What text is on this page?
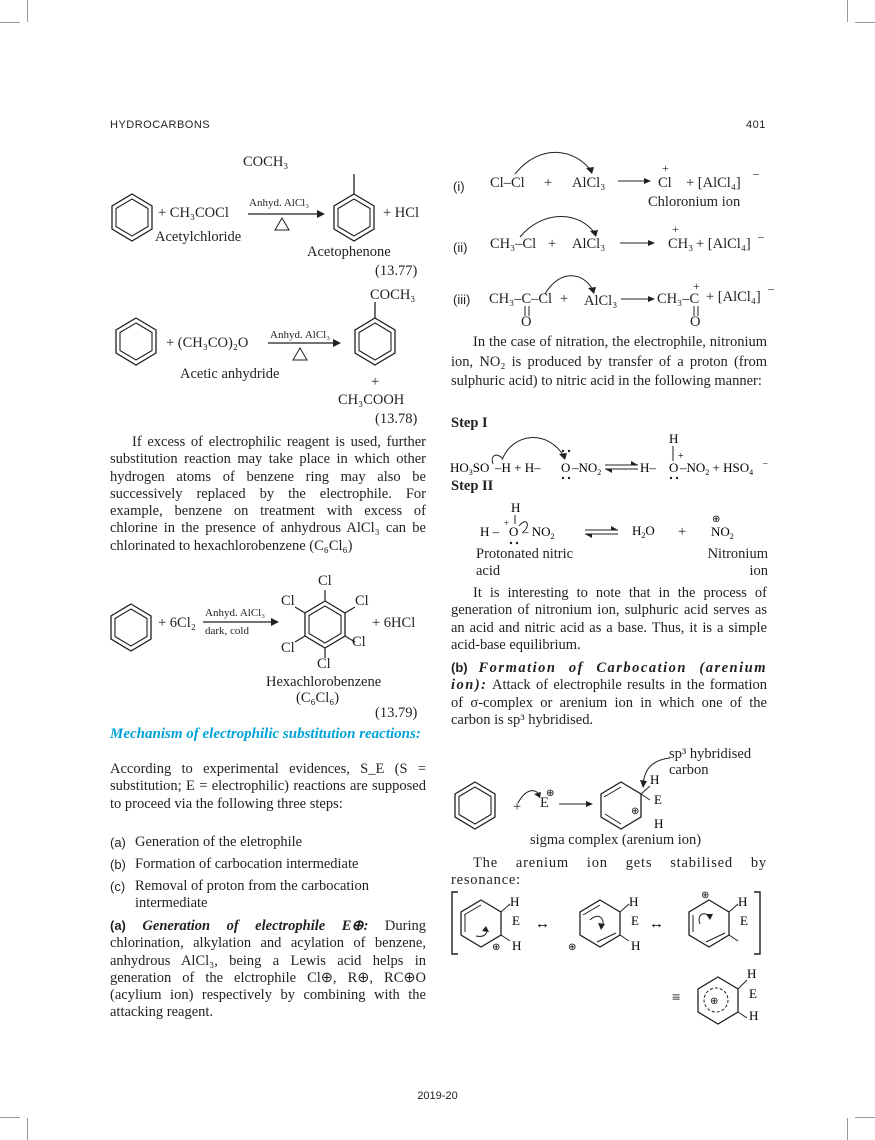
HYDROCARBONS	401
COCH₃
+ CH₃COCl
Anhyd. AlCl₃
+ HCl
Acetylchloride
Acetophenone
(13.77)
COCH₃
+ (CH₃CO)₂O Anhyd. AlCl₃
Acetic anhydride	+
CH₃COOH
(13.78)
If excess of electrophilic reagent is used, further substitution reaction may take place in which other hydrogen atoms of benzene ring may also be successively replaced by the electrophile. For example, benzene on treatment with excess of chlorine in the presence of anhydrous AlCl₃ can be chlorinated to hexachlorobenzene (C₆Cl₆)
Cl
Cl	Cl
Cl	Cl
Cl
+ 6Cl₂
Anhyd. AlCl₃
dark, cold	+ 6HCl
Hexachlorobenzene
(C₆Cl₆)
(13.79)
Mechanism of electrophilic substitution reactions:
According to experimental evidences, S_E (S = substitution; E = electrophilic) reactions are supposed to proceed via the following three steps:
(a) Generation of the eletrophile
(b) Formation of carbocation intermediate
(c) Removal of proton from the carbocation intermediate
(a) Generation of electrophile E⊕: During chlorination, alkylation and acylation of benzene, anhydrous AlCl₃, being a Lewis acid helps in generation of the elctrophile Cl⊕, R⊕, RC⊕O (acylium ion) respectively by combining with the attacking reagent.
(i) Cl–Cl + AlCl₃
+
Cl + [AlCl₄]
–
Chloronium ion
(ii) CH₃–Cl + AlCl₃
+
CH₃ + [AlCl₄] –
(iii) CH₃–C–Cl + AlCl₃
+
CH₃–C + [AlCl₄]
–
O	O
In the case of nitration, the electrophile, nitronium ion, NO₂ is produced by transfer of a proton (from sulphuric acid) to nitric acid in the following manner:
Step I
$HO_3SO$ –H + H– O $-NO_2$	H– O $-NO_2 + HSO_4$
–
H
+
Step II
H
H – O
+
– $NO_2$	$H_2O$
⊕
$NO_2$
+
Protonated nitric acid
Nitronium ion
It is interesting to note that in the process of generation of nitronium ion, sulphuric acid serves as an acid and nitric acid as a base. Thus, it is a simple acid-base equilibrium.
(b) Formation of Carbocation (arenium ion): Attack of electrophile results in the formation of σ-complex or arenium ion in which one of the carbon is sp³ hybridised.
⊕
H
E
H
⊕
sp³ hybridised carbon
+ E
sigma complex (arenium ion)
The arenium ion gets stabilised by resonance:
H
E
H
⊕
↔
H
E
H
⊕
↔
H
E
⊕
≡	⊕
H
E
H
2019-20
